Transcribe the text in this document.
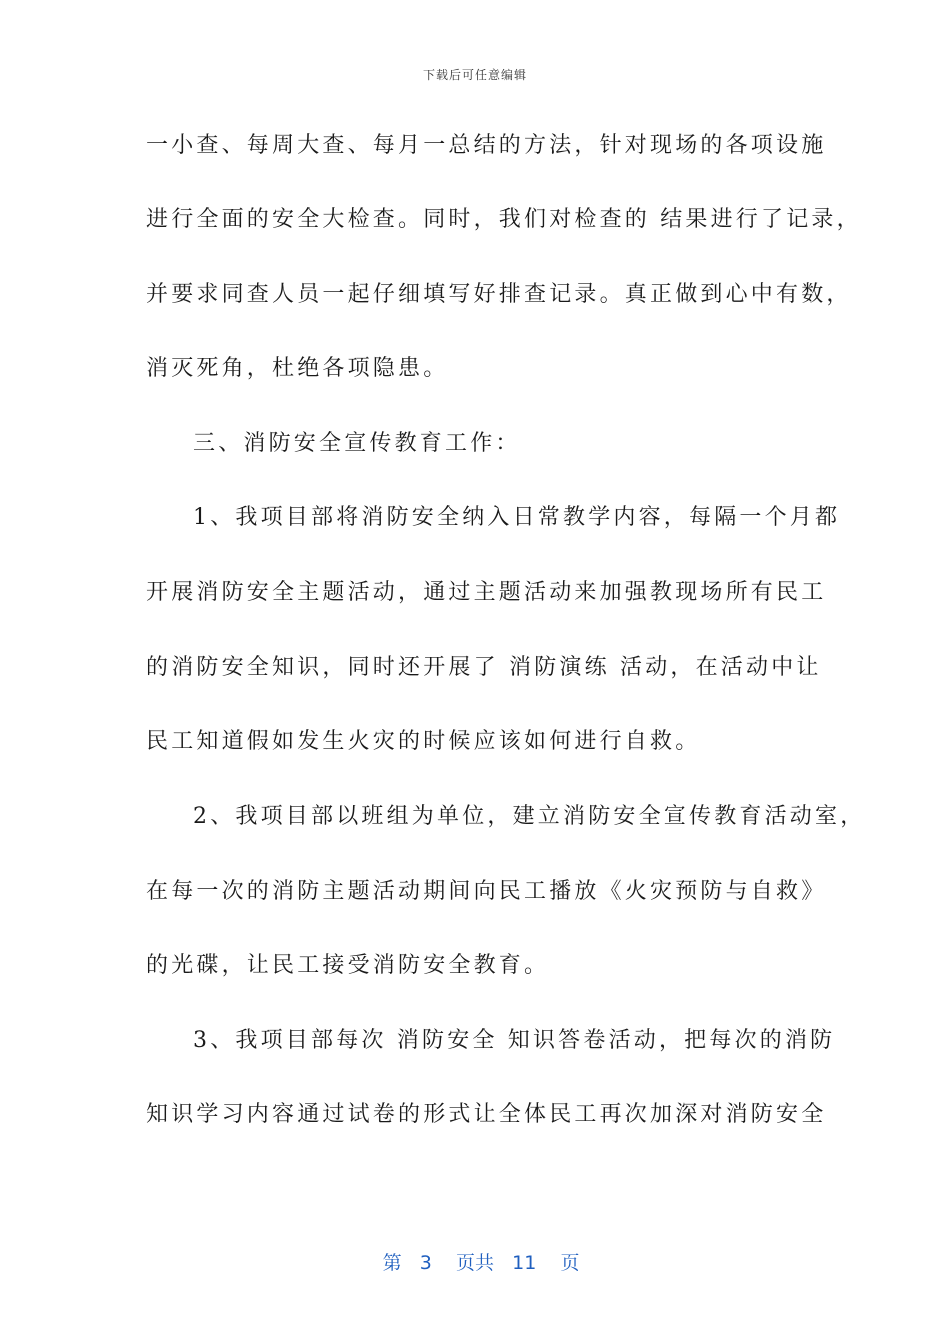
下载后可任意编辑
一小查、每周大查、每月一总结的方法，针对现场的各项设施
进行全面的安全大检查。同时，我们对检查的 结果进行了记录，
并要求同查人员一起仔细填写好排查记录。真正做到心中有数，
消灭死角，杜绝各项隐患。
三、消防安全宣传教育工作：
1、我项目部将消防安全纳入日常教学内容，每隔一个月都
开展消防安全主题活动，通过主题活动来加强教现场所有民工
的消防安全知识，同时还开展了 消防演练 活动，在活动中让
民工知道假如发生火灾的时候应该如何进行自救。
2、我项目部以班组为单位，建立消防安全宣传教育活动室，
在每一次的消防主题活动期间向民工播放《火灾预防与自救》
的光碟，让民工接受消防安全教育。
3、我项目部每次 消防安全 知识答卷活动，把每次的消防
知识学习内容通过试卷的形式让全体民工再次加深对消防安全

第 3 页共 11 页
